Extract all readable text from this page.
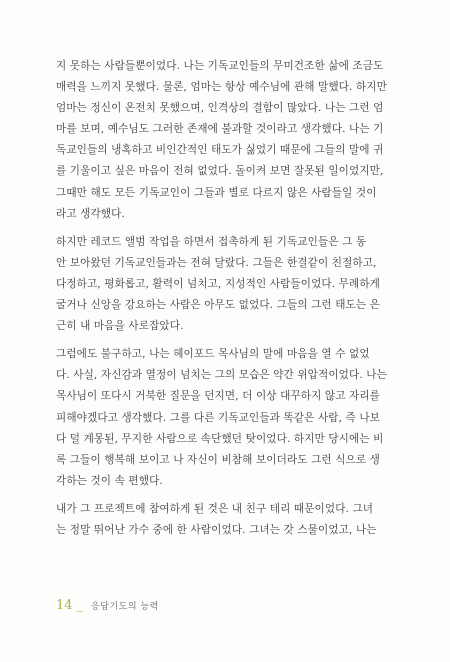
지 못하는 사람들뿐이었다. 나는 기독교인들의 무미건조한 삶에 조금도
매력을 느끼지 못했다. 물론, 엄마는 항상 예수님에 관해 말했다. 하지만
엄마는 정신이 온전치 못했으며, 인격상의 결함이 많았다. 나는 그런 엄
마를 보며, 예수님도 그러한 존재에 불과할 것이라고 생각했다. 나는 기
독교인들의 냉혹하고 비인간적인 태도가 싫었기 때문에 그들의 말에 귀
를 기울이고 싶은 마음이 전혀 없었다. 돌이켜 보면 잘못된 일이었지만,
그때만 해도 모든 기독교인이 그들과 별로 다르지 않은 사람들일 것이
라고 생각했다.
하지만 레코드 앨범 작업을 하면서 접촉하게 된 기독교인들은 그 동
안 보아왔던 기독교인들과는 전혀 달랐다. 그들은 한결같이 친절하고,
다정하고, 평화롭고, 활력이 넘치고, 지성적인 사람들이었다. 무례하게
굴거나 신앙을 강요하는 사람은 아무도 없었다. 그들의 그런 태도는 은
근히 내 마음을 사로잡았다.
그럼에도 불구하고, 나는 헤이포드 목사님의 말에 마음을 열 수 없었
다. 사실, 자신감과 열정이 넘치는 그의 모습은 약간 위압적이었다. 나는
목사님이 또다시 거북한 질문을 던지면, 더 이상 대꾸하지 않고 자리를
피해야겠다고 생각했다. 그를 다른 기독교인들과 똑같은 사람, 즉 나보
다 덜 계몽된, 무지한 사람으로 속단했던 탓이었다. 하지만 당시에는 비
록 그들이 행복해 보이고 나 자신이 비참해 보이더라도 그런 식으로 생
각하는 것이 속 편했다.
내가 그 프로젝트에 참여하게 된 것은 내 친구 테리 때문이었다. 그녀
는 정말 뛰어난 가수 중에 한 사람이었다. 그녀는 갓 스물이었고, 나는
14 _ 응답기도의 능력
